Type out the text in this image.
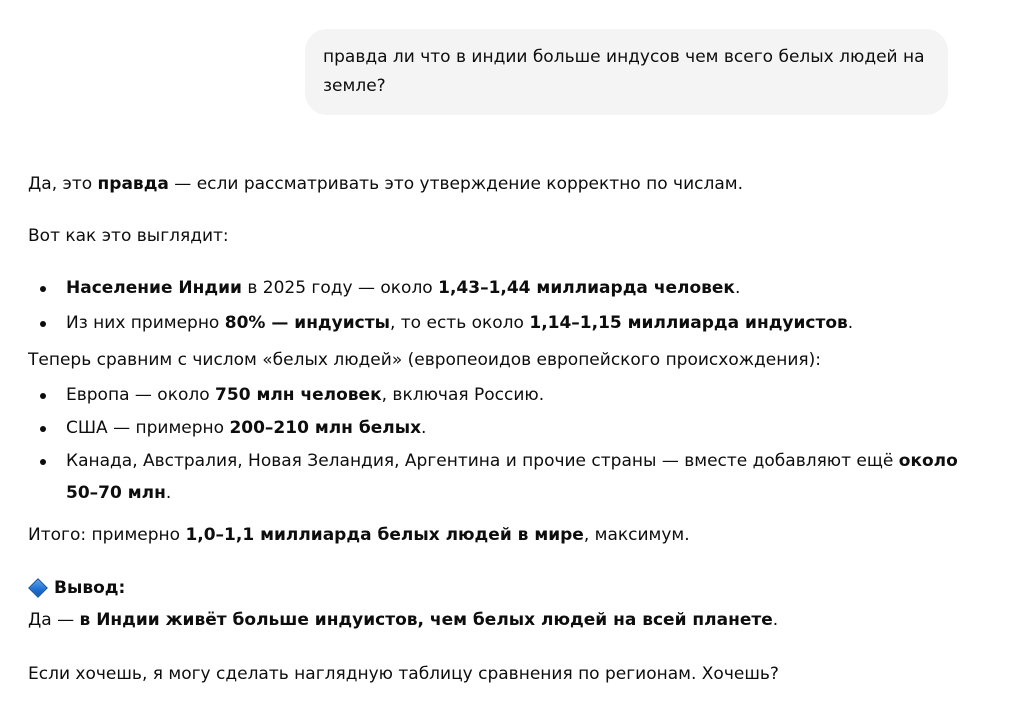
правда ли что в индии больше индусов чем всего белых людей на земле?

Да, это правда — если рассматривать это утверждение корректно по числам.

Вот как это выглядит:

Население Индии в 2025 году — около 1,43–1,44 миллиарда человек.
Из них примерно 80% — индуисты, то есть около 1,14–1,15 миллиарда индуистов.

Теперь сравним с числом «белых людей» (европеоидов европейского происхождения):

Европа — около 750 млн человек, включая Россию.
США — примерно 200–210 млн белых.
Канада, Австралия, Новая Зеландия, Аргентина и прочие страны — вместе добавляют ещё около 50–70 млн.

Итого: примерно 1,0–1,1 миллиарда белых людей в мире, максимум.

Вывод:

Да — в Индии живёт больше индуистов, чем белых людей на всей планете.

Если хочешь, я могу сделать наглядную таблицу сравнения по регионам. Хочешь?
